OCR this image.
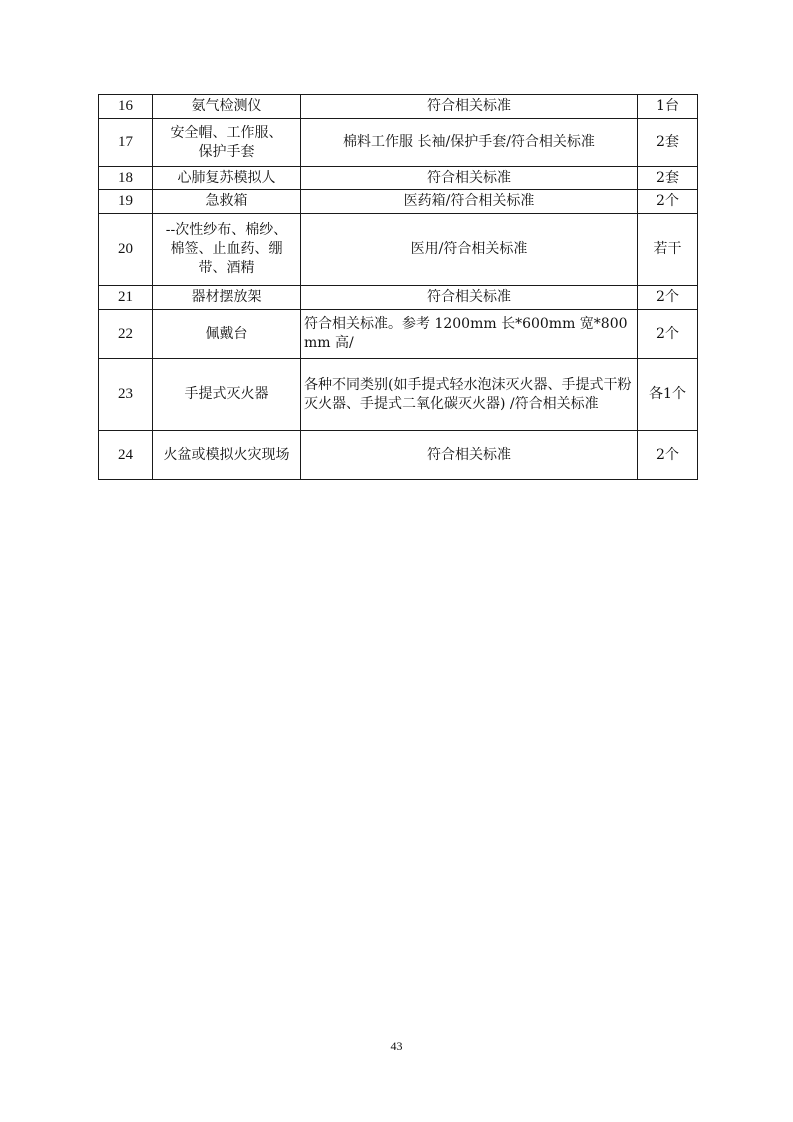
16	氨气检测仪	符合相关标准	1台
17	安全帽、工作服、保护手套	棉料工作服 长袖/保护手套/符合相关标准	2套
18	心肺复苏模拟人	符合相关标准	2套
19	急救箱	医药箱/符合相关标准	2个
20	--次性纱布、棉纱、棉签、止血药、绷带、酒精	医用/符合相关标准	若干
21	器材摆放架	符合相关标准	2个
22	佩戴台	符合相关标准。参考 1200mm 长*600mm 宽*800mm 高/	2个
23	手提式灭火器	各种不同类别(如手提式轻水泡沫灭火器、手提式干粉灭火器、手提式二氧化碳灭火器) /符合相关标准	各1个
24	火盆或模拟火灾现场	符合相关标准	2个
43
